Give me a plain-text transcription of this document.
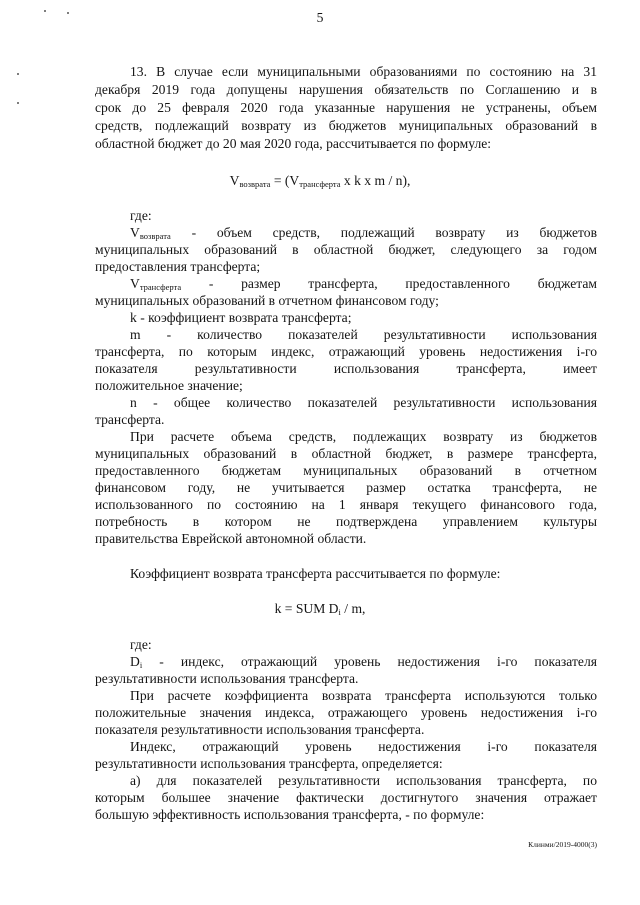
5
13. В случае если муниципальными образованиями по состоянию на 31
декабря 2019 года допущены нарушения обязательств по Соглашению и в
срок до 25 февраля 2020 года указанные нарушения не устранены, объем
средств, подлежащий возврату из бюджетов муниципальных образований в
областной бюджет до 20 мая 2020 года, рассчитывается по формуле:
$V_{возврата} = (V_{трансферта}$ x k x m / n),
где:
$V_{возврата}$ - объем средств, подлежащий возврату из бюджетов
муниципальных образований в областной бюджет, следующего за годом
предоставления трансферта;
$V_{трансферта}$ - размер трансферта, предоставленного бюджетам
муниципальных образований в отчетном финансовом году;
k - коэффициент возврата трансферта;
m - количество показателей результативности использования
трансферта, по которым индекс, отражающий уровень недостижения i-го
показателя результативности использования трансферта, имеет
положительное значение;
n - общее количество показателей результативности использования
трансферта.
При расчете объема средств, подлежащих возврату из бюджетов
муниципальных образований в областной бюджет, в размере трансферта,
предоставленного бюджетам муниципальных образований в отчетном
финансовом году, не учитывается размер остатка трансферта, не
использованного по состоянию на 1 января текущего финансового года,
потребность в котором не подтверждена управлением культуры
правительства Еврейской автономной области.
Коэффициент возврата трансферта рассчитывается по формуле:
k = SUM $D_i$ / m,
где:
$D_i$ - индекс, отражающий уровень недостижения i-го показателя
результативности использования трансферта.
При расчете коэффициента возврата трансферта используются только
положительные значения индекса, отражающего уровень недостижения i-го
показателя результативности использования трансферта.
Индекс, отражающий уровень недостижения i-го показателя
результативности использования трансферта, определяется:
а) для показателей результативности использования трансферта, по
которым большее значение фактически достигнутого значения отражает
большую эффективность использования трансферта, - по формуле:
Клинми/2019-4000(3)
